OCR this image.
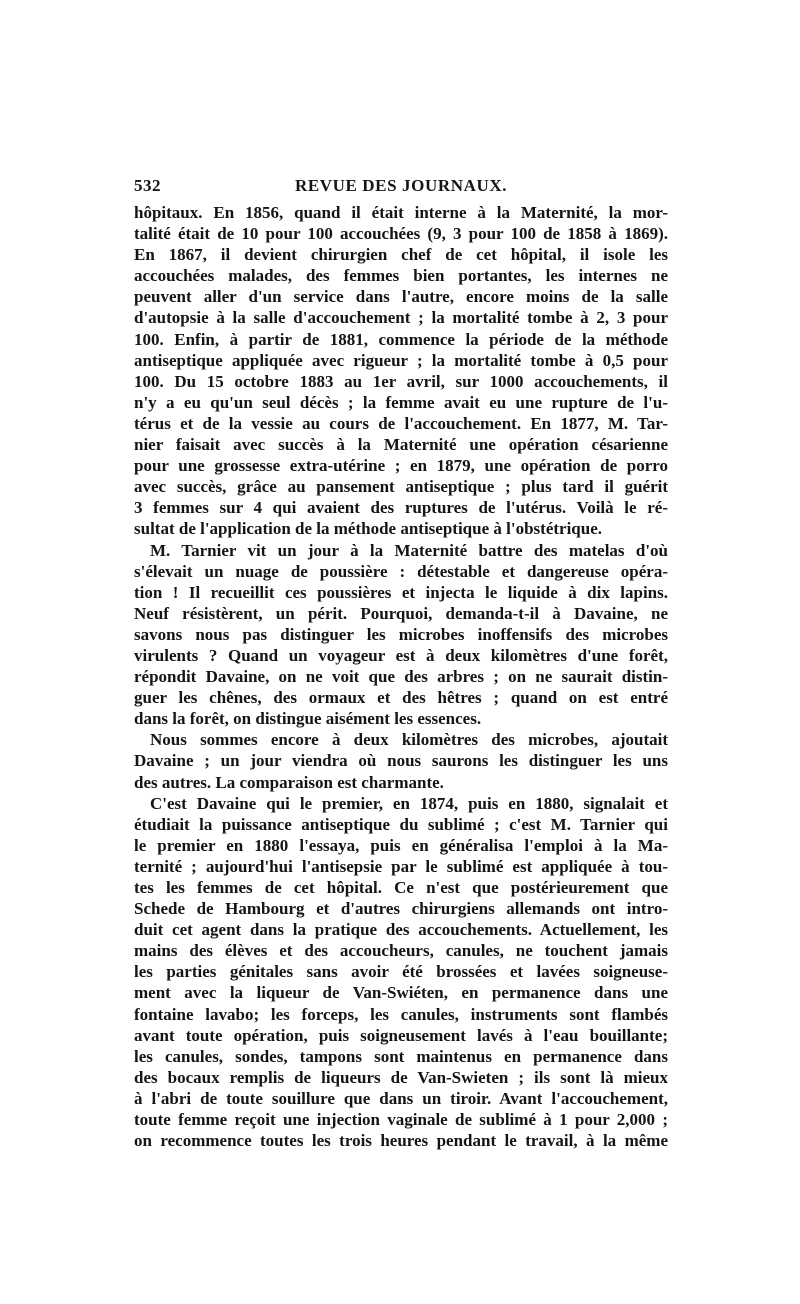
532	REVUE DES JOURNAUX.
hôpitaux. En 1856, quand il était interne à la Maternité, la mor-
talité était de 10 pour 100 accouchées (9, 3 pour 100 de 1858 à 1869).
En 1867, il devient chirurgien chef de cet hôpital, il isole les
accouchées malades, des femmes bien portantes, les internes ne
peuvent aller d'un service dans l'autre, encore moins de la salle
d'autopsie à la salle d'accouchement ; la mortalité tombe à 2, 3 pour
100. Enfin, à partir de 1881, commence la période de la méthode
antiseptique appliquée avec rigueur ; la mortalité tombe à 0,5 pour
100. Du 15 octobre 1883 au 1er avril, sur 1000 accouchements, il
n'y a eu qu'un seul décès ; la femme avait eu une rupture de l'u-
térus et de la vessie au cours de l'accouchement. En 1877, M. Tar-
nier faisait avec succès à la Maternité une opération césarienne
pour une grossesse extra-utérine ; en 1879, une opération de porro
avec succès, grâce au pansement antiseptique ; plus tard il guérit
3 femmes sur 4 qui avaient des ruptures de l'utérus. Voilà le ré-
sultat de l'application de la méthode antiseptique à l'obstétrique.
M. Tarnier vit un jour à la Maternité battre des matelas d'où
s'élevait un nuage de poussière : détestable et dangereuse opéra-
tion ! Il recueillit ces poussières et injecta le liquide à dix lapins.
Neuf résistèrent, un périt. Pourquoi, demanda-t-il à Davaine, ne
savons nous pas distinguer les microbes inoffensifs des microbes
virulents ? Quand un voyageur est à deux kilomètres d'une forêt,
répondit Davaine, on ne voit que des arbres ; on ne saurait distin-
guer les chênes, des ormaux et des hêtres ; quand on est entré
dans la forêt, on distingue aisément les essences.
Nous sommes encore à deux kilomètres des microbes, ajoutait
Davaine ; un jour viendra où nous saurons les distinguer les uns
des autres. La comparaison est charmante.
C'est Davaine qui le premier, en 1874, puis en 1880, signalait et
étudiait la puissance antiseptique du sublimé ; c'est M. Tarnier qui
le premier en 1880 l'essaya, puis en généralisa l'emploi à la Ma-
ternité ; aujourd'hui l'antisepsie par le sublimé est appliquée à tou-
tes les femmes de cet hôpital. Ce n'est que postérieurement que
Schede de Hambourg et d'autres chirurgiens allemands ont intro-
duit cet agent dans la pratique des accouchements. Actuellement, les
mains des élèves et des accoucheurs, canules, ne touchent jamais
les parties génitales sans avoir été brossées et lavées soigneuse-
ment avec la liqueur de Van-Swiéten, en permanence dans une
fontaine lavabo; les forceps, les canules, instruments sont flambés
avant toute opération, puis soigneusement lavés à l'eau bouillante;
les canules, sondes, tampons sont maintenus en permanence dans
des bocaux remplis de liqueurs de Van-Swieten ; ils sont là mieux
à l'abri de toute souillure que dans un tiroir. Avant l'accouchement,
toute femme reçoit une injection vaginale de sublimé à 1 pour 2,000 ;
on recommence toutes les trois heures pendant le travail, à la même
